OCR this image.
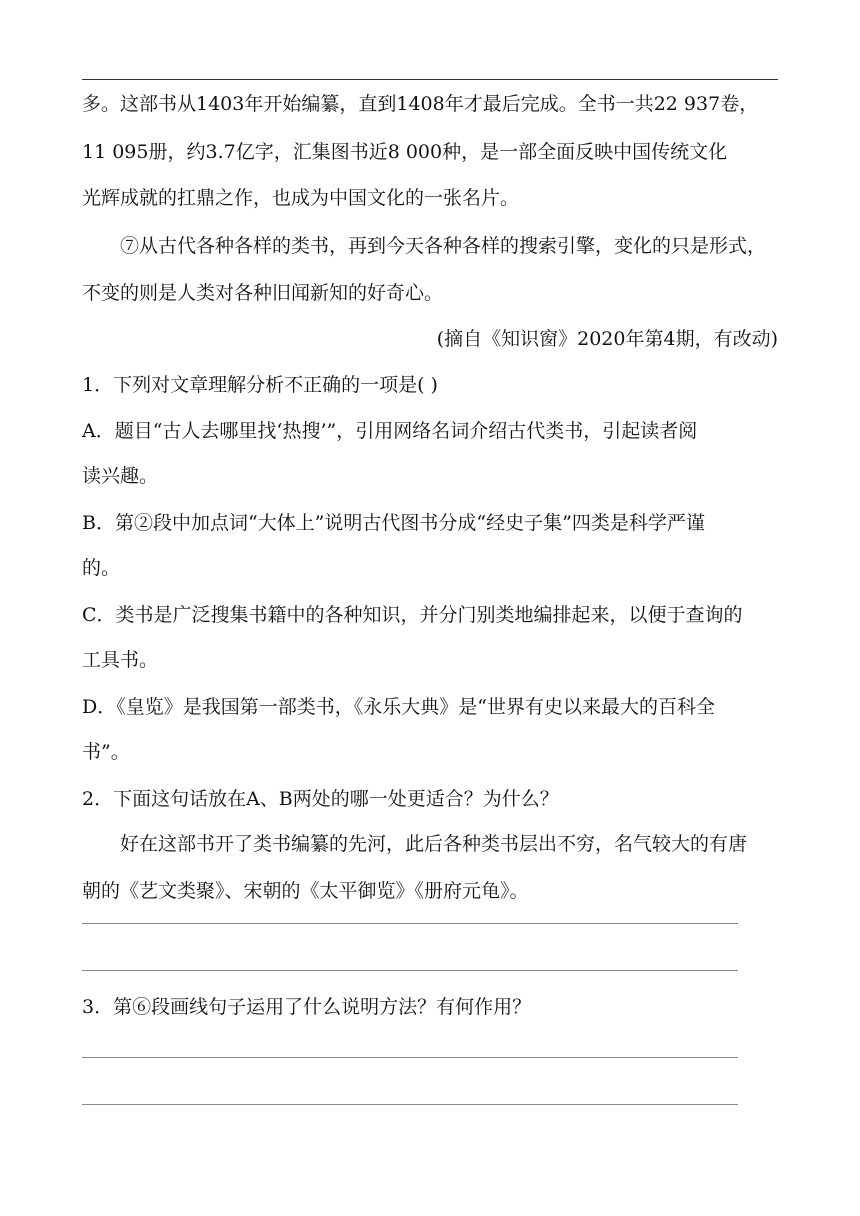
多。这部书从1403年开始编纂，直到1408年才最后完成。全书一共22 937卷，
11 095册，约3.7亿字，汇集图书近8 000种，是一部全面反映中国传统文化
光辉成就的扛鼎之作，也成为中国文化的一张名片。
⑦从古代各种各样的类书，再到今天各种各样的搜索引擎，变化的只是形式，
不变的则是人类对各种旧闻新知的好奇心。
(摘自《知识窗》2020年第4期，有改动)
1．下列对文章理解分析不正确的一项是( )
A．题目“古人去哪里找‘热搜’”，引用网络名词介绍古代类书，引起读者阅
读兴趣。
B．第②段中加点词“大体上”说明古代图书分成“经史子集”四类是科学严谨
的。
C．类书是广泛搜集书籍中的各种知识，并分门别类地编排起来，以便于查询的
工具书。
D．《皇览》是我国第一部类书，《永乐大典》是“世界有史以来最大的百科全
书”。
2．下面这句话放在A、B两处的哪一处更适合？为什么？
好在这部书开了类书编纂的先河，此后各种类书层出不穷，名气较大的有唐
朝的《艺文类聚》、宋朝的《太平御览》《册府元龟》。
3．第⑥段画线句子运用了什么说明方法？有何作用？
